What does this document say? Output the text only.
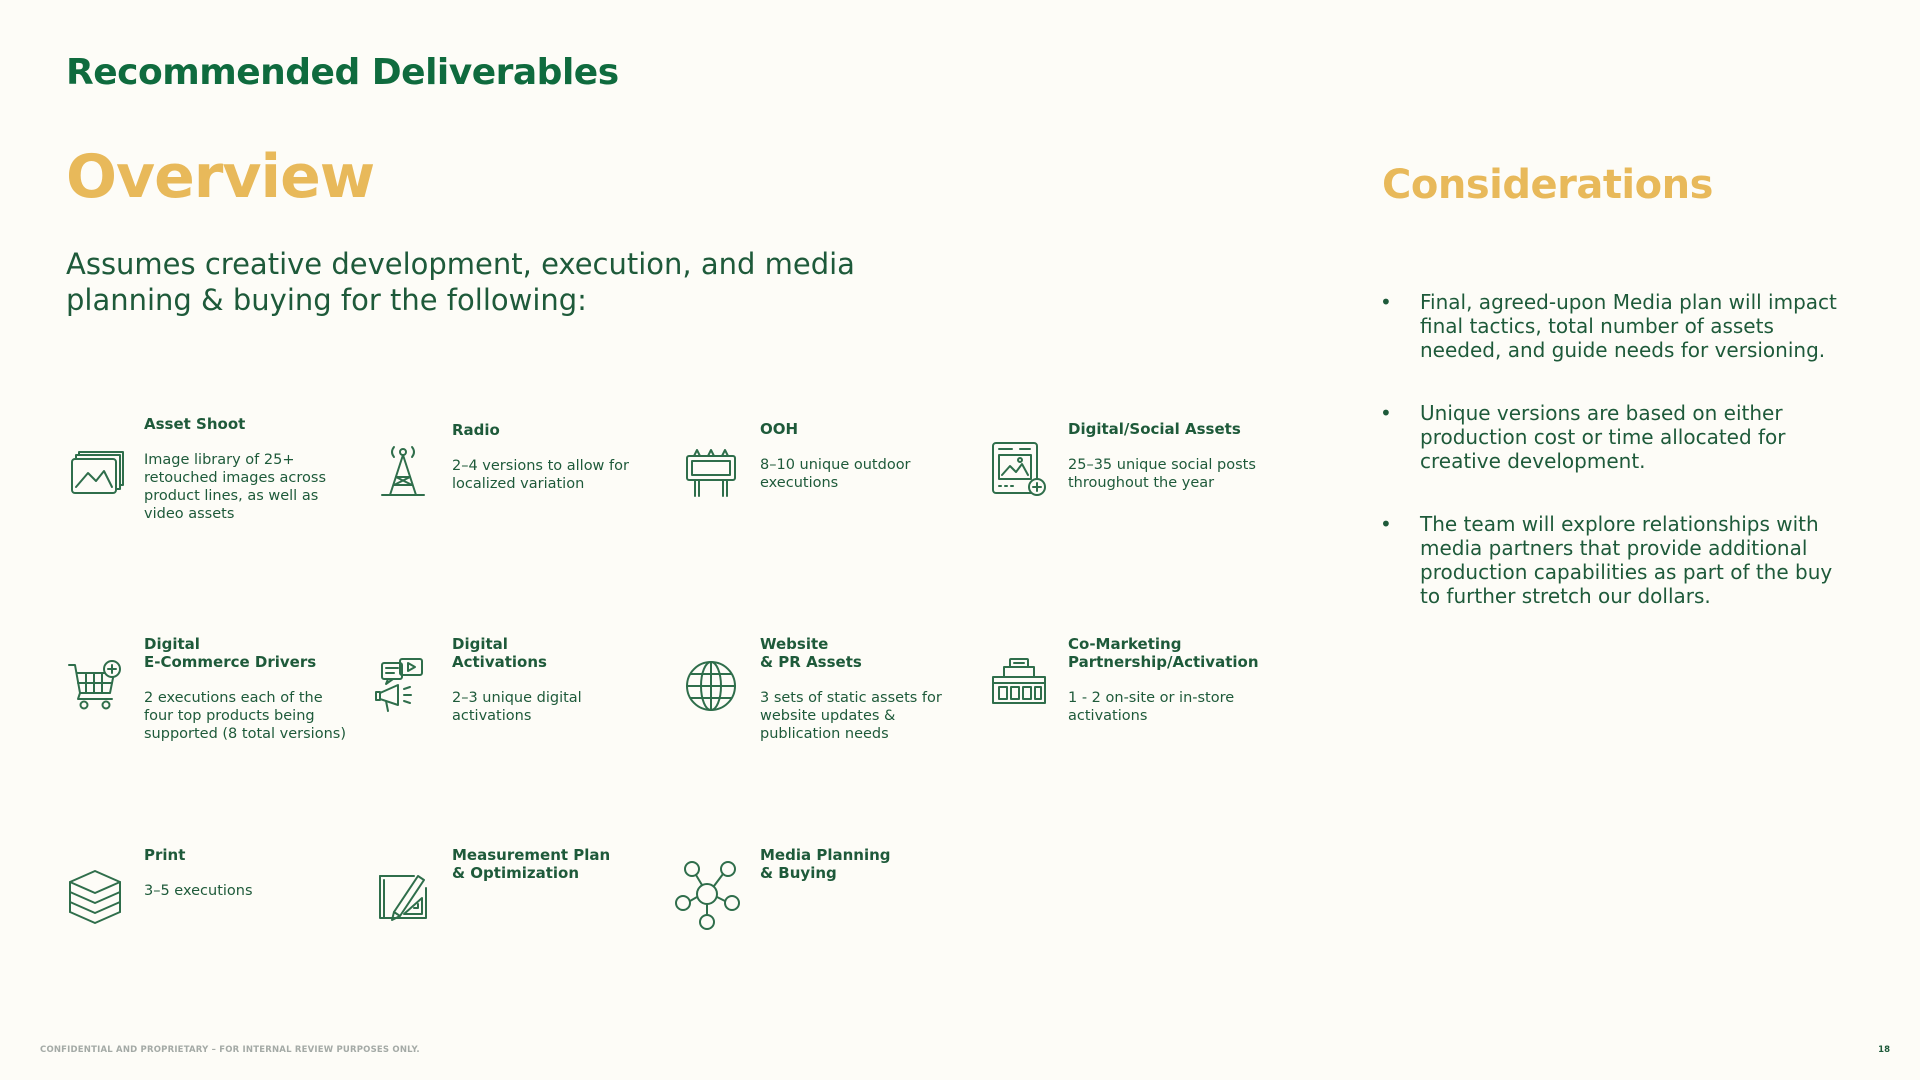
Recommended Deliverables
Overview
Assumes creative development, execution, and media planning & buying for the following:
Considerations
• Final, agreed-upon Media plan will impact final tactics, total number of assets needed, and guide needs for versioning.
• Unique versions are based on either production cost or time allocated for creative development.
• The team will explore relationships with media partners that provide additional production capabilities as part of the buy to further stretch our dollars.
Asset Shoot
Image library of 25+ retouched images across product lines, as well as video assets
Radio
2–4 versions to allow for localized variation
OOH
8–10 unique outdoor executions
Digital/Social Assets
25–35 unique social posts throughout the year
Digital
E-Commerce Drivers
2 executions each of the four top products being supported (8 total versions)
Digital
Activations
2–3 unique digital activations
Website
& PR Assets
3 sets of static assets for website updates & publication needs
Co-Marketing
Partnership/Activation
1 - 2 on-site or in-store activations
Print
3–5 executions
Measurement Plan
& Optimization
Media Planning
& Buying
CONFIDENTIAL AND PROPRIETARY – FOR INTERNAL REVIEW PURPOSES ONLY.	18
